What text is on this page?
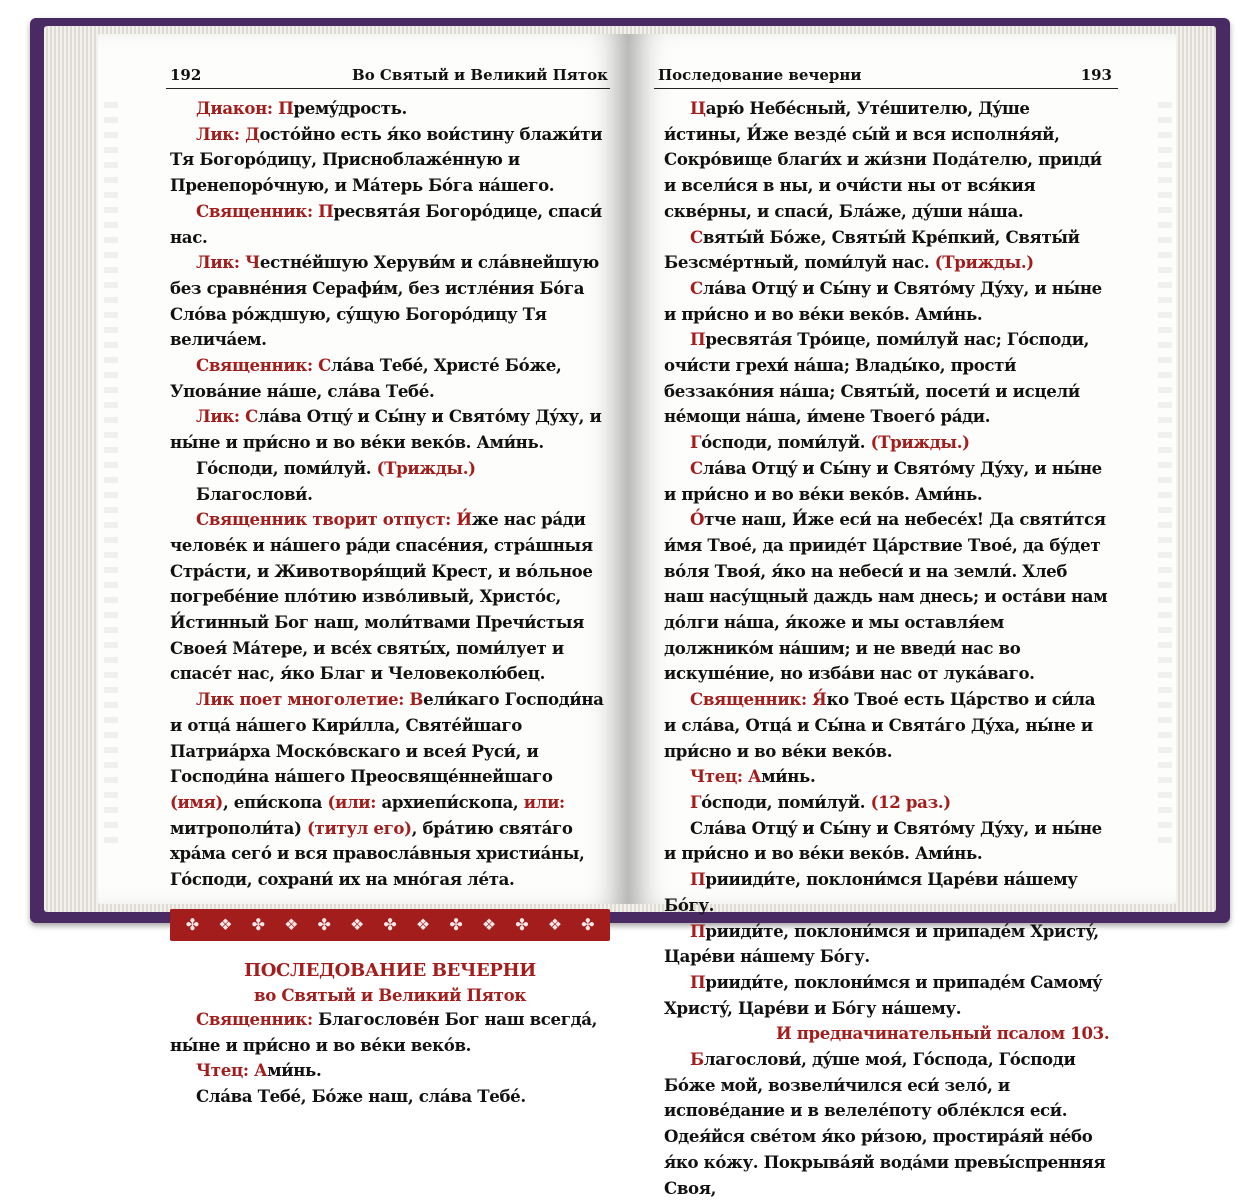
192	Во Святый и Великий Пяток

Диакон: Премýдрость.

Лик: Достóйно есть я́ко вои́стину блажи́ти Тя Богорóдицу, Присноблажéнную и Пренепорóчную, и Мáтерь Бóга нáшего.

Священник: Пресвятáя Богорóдице, спаси́ нас.

Лик: Честнéйшую Херуви́м и слáвнейшую без сравнéния Серафи́м, без истлéния Бóга Слóва рóждшую, сýщую Богорóдицу Тя величáем.

Священник: Слáва Тебé, Христé Бóже, Уповáние нáше, слáва Тебé.

Лик: Слáва Отцý и Сы́ну и Святóму Дýху, и ны́не и при́сно и во вéки векóв. Ами́нь.

Гóсподи, поми́луй. (Трижды.)

Благослови́.

Священник творит отпуст: И́же нас рáди человéк и нáшего рáди спасéния, стрáшныя Стрáсти, и Животворя́щий Крест, и вóльное погребéние плóтию изво́ливый, Христóс, И́стинный Бог наш, моли́твами Пречи́стыя Своея́ Мáтере, и всéх святы́х, поми́лует и спасéт нас, я́ко Благ и Человеколю́бец.

Лик поет многолетие: Вели́каго Господи́на и отцá нáшего Кири́лла, Святéйшаго Патриáрха Моско́вскаго и всея́ Руси́, и Господи́на нáшего Преосвящéннейшаго (имя), епи́скопа (или: архиепи́скопа, или: митрополи́та) (титул его), брáтию святáго хрáма сегó и вся правосла́вныя христиáны, Гóсподи, сохрани́ их на мнóгая лéта.

✤ ❖ ✤ ❖ ✤ ❖ ✤ ❖ ✤ ❖ ✤ ❖ ✤
ПОСЛЕДОВАНИЕ ВЕЧЕРНИ
во Святый и Великий Пяток

Священник: Благословéн Бог наш всегдá, ны́не и при́сно и во вéки векóв.

Чтец: Ами́нь.

Слáва Тебé, Бóже наш, слáва Тебé.

Последование вечерни	193

Царю́ Небéсный, Утéшителю, Дýше и́стины, И́же вездé сы́й и вся исполня́яй, Сокрóвище благи́х и жи́зни Подáтелю, приıди́ и всели́ся в ны, и очи́сти ны от вся́кия сквéрны, и спаси́, Блáже, ду́ши нáша.

Святы́й Бóже, Святы́й Крéпкий, Святы́й Безсмéртный, поми́луй нас. (Трижды.)

Слáва Отцý и Сы́ну и Святóму Дýху, и ны́не и при́сно и во вéки векóв. Ами́нь.

Пресвятáя Трóице, поми́луй нас; Гóсподи, очи́сти грехи́ нáша; Влады́ко, прости́ беззакóния нáша; Святы́й, посети́ и исцели́ нéмощи нáша, и́мене Твоегó рáди.

Гóсподи, поми́луй. (Трижды.)

Слáва Отцý и Сы́ну и Святóму Дýху, и ны́не и при́сно и во вéки векóв. Ами́нь.

О́тче наш, И́же еси́ на небесéх! Да святи́тся и́мя Твоé, да приидéт Цáрствие Твоé, да бýдет вóля Твоя́, я́ко на небеси́ и на земли́. Хлеб наш насýщный даждь нам днесь; и остáви нам дóлги нáша, я́коже и мы оставля́ем должникóм нáшим; и не введи́ нас во искушéние, но изба́ви нас от лукáваго.

Священник: Я́ко Твоé есть Цáрство и си́ла и слáва, Отцá и Сы́на и Святáго Дýха, ны́не и при́сно и во вéки векóв.

Чтец: Ами́нь.

Гóсподи, поми́луй. (12 раз.)

Слáва Отцý и Сы́ну и Святóму Дýху, и ны́не и при́сно и во вéки векóв. Ами́нь.

Приииди́те, поклони́мся Царéви нáшему Бóгу.

Прииди́те, поклони́мся и припадéм Христý, Царéви нáшему Бóгу.

Прииди́те, поклони́мся и припадéм Самомý Христý, Царéви и Бóгу нáшему.

И предначинательный псалом 103.

Благослови́, дýше моя́, Гóспода, Гóсподи Бóже мой, возвели́чился еси́ зелó, и исповéдание и в велелéпоту облéклся еси́. Одея́йся свéтом я́ко ри́зою, простира́яй нéбо я́ко кóжу. Покрыва́яй водáми превы́спренняя Своя,
